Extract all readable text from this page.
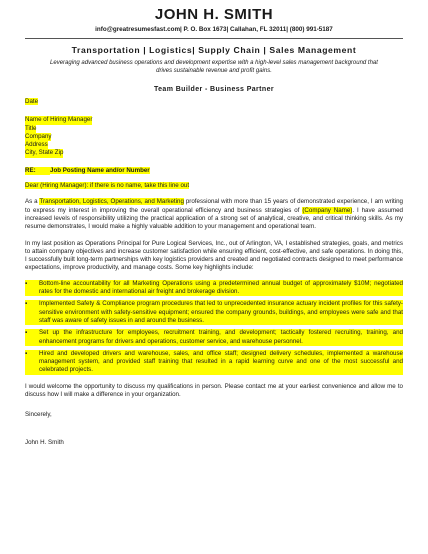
JOHN H. SMITH
info@greatresumesfast.com| P. O. Box 1673| Callahan, FL 32011| (800) 991-5187
Transportation | Logistics| Supply Chain | Sales Management
Leveraging advanced business operations and development expertise with a high-level sales management background that drives sustainable revenue and profit gains.
Team Builder - Business Partner
Date
Name of Hiring Manager
Title
Company
Address
City, State Zip
RE: Job Posting Name and/or Number
Dear (Hiring Manager): if there is no name, take this line out

As a Transportation, Logistics, Operations, and Marketing professional with more than 15 years of demonstrated experience, I am writing to express my interest in improving the overall operational efficiency and business strategies of (Company Name). I have assumed increased levels of responsibility utilizing the practical application of a strong set of analytical, creative, and critical thinking skills. As my resume demonstrates, I would make a highly valuable addition to your management and operational team.

In my last position as Operations Principal for Pure Logical Services, Inc., out of Arlington, VA, I established strategies, goals, and metrics to attain company objectives and increase customer satisfaction while ensuring efficient, cost-effective, and safe operations. In doing this, I successfully built long-term partnerships with key logistics providers and created and negotiated contracts designed to meet performance expectations, improve productivity, and manage costs. Some key highlights include:

▪	Bottom-line accountability for all Marketing Operations using a predetermined annual budget of approximately $10M; negotiated rates for the domestic and international air freight and brokerage division.
▪	Implemented Safety & Compliance program procedures that led to unprecedented insurance actuary incident profiles for this safety-sensitive environment with safety-sensitive equipment; ensured the company grounds, buildings, and employees were safe and that staff was aware of safety issues in and around the business.
▪	Set up the infrastructure for employees, recruitment training, and development; tactically fostered recruiting, training, and enhancement programs for drivers and operations, customer service, and warehouse personnel.
▪	Hired and developed drivers and warehouse, sales, and office staff; designed delivery schedules, implemented a warehouse management system, and provided staff training that resulted in a rapid learning curve and one of the most successful and celebrated projects.

I would welcome the opportunity to discuss my qualifications in person. Please contact me at your earliest convenience and allow me to discuss how I will make a difference in your organization.

Sincerely,
John H. Smith
